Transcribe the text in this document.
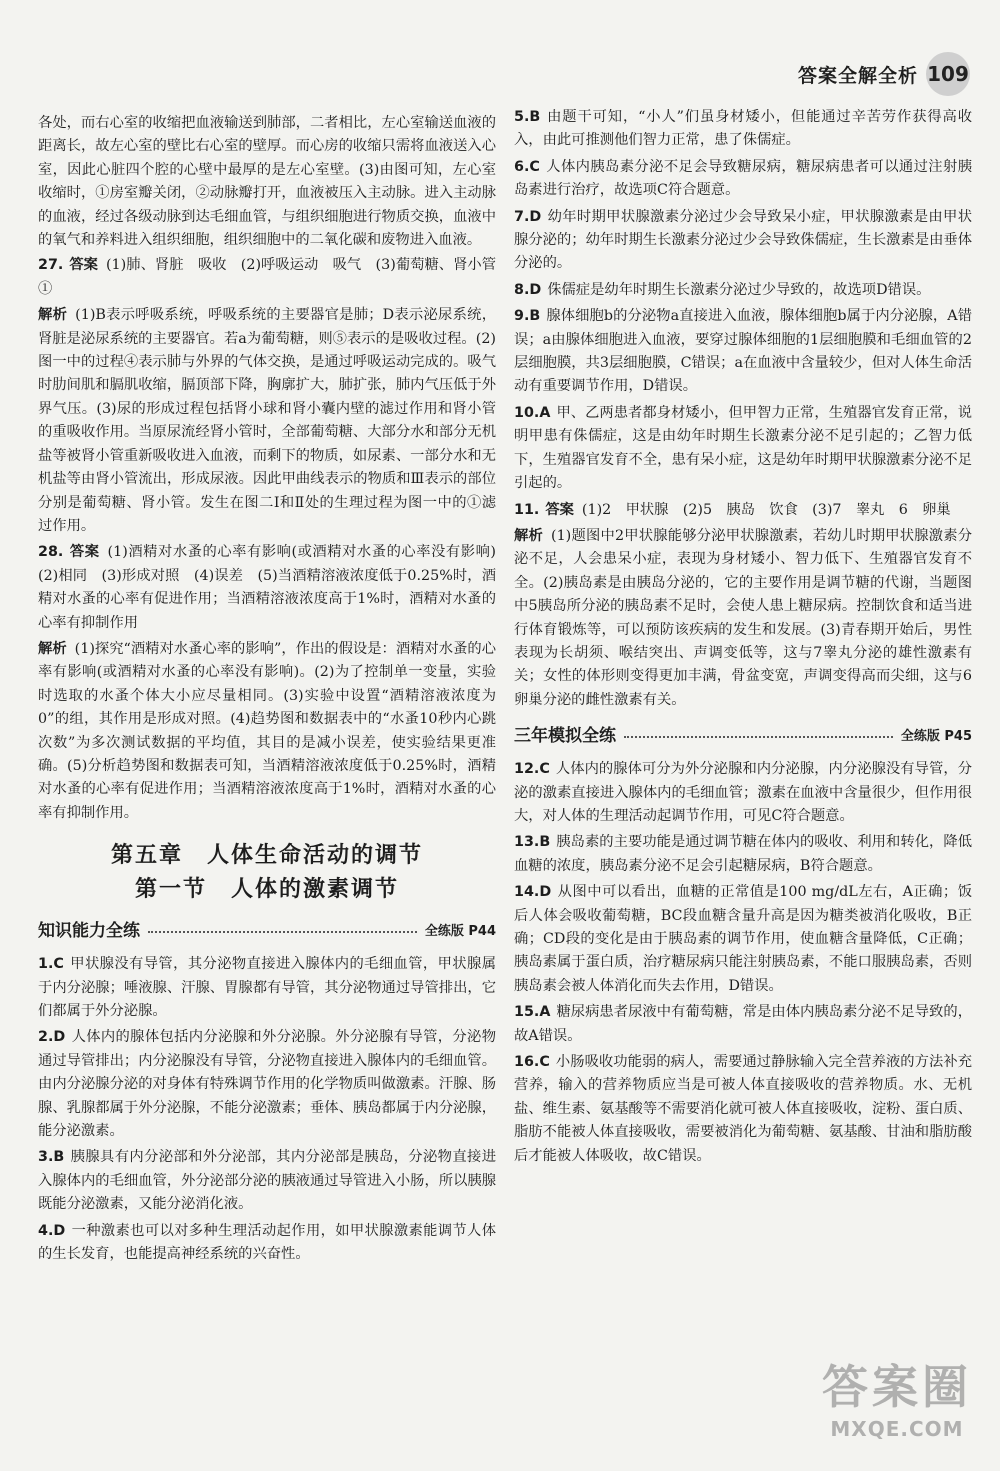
答案全解全析 109
各处，而右心室的收缩把血液输送到肺部，二者相比，左心室输送血液的距离长，故左心室的壁比右心室的壁厚。而心房的收缩只需将血液送入心室，因此心脏四个腔的心壁中最厚的是左心室壁。(3)由图可知，左心室收缩时，①房室瓣关闭，②动脉瓣打开，血液被压入主动脉。进入主动脉的血液，经过各级动脉到达毛细血管，与组织细胞进行物质交换，血液中的氧气和养料进入组织细胞，组织细胞中的二氧化碳和废物进入血液。
27. 答案 (1)肺、肾脏　吸收　(2)呼吸运动　吸气　(3)葡萄糖、肾小管　①
解析 (1)B表示呼吸系统，呼吸系统的主要器官是肺；D表示泌尿系统，肾脏是泌尿系统的主要器官。若a为葡萄糖，则⑤表示的是吸收过程。(2)图一中的过程④表示肺与外界的气体交换，是通过呼吸运动完成的。吸气时肋间肌和膈肌收缩，膈顶部下降，胸廓扩大，肺扩张，肺内气压低于外界气压。(3)尿的形成过程包括肾小球和肾小囊内壁的滤过作用和肾小管的重吸收作用。当原尿流经肾小管时，全部葡萄糖、大部分水和部分无机盐等被肾小管重新吸收进入血液，而剩下的物质，如尿素、一部分水和无机盐等由肾小管流出，形成尿液。因此甲曲线表示的物质和Ⅲ表示的部位分别是葡萄糖、肾小管。发生在图二Ⅰ和Ⅱ处的生理过程为图一中的①滤过作用。
28. 答案 (1)酒精对水蚤的心率有影响(或酒精对水蚤的心率没有影响)　(2)相同　(3)形成对照　(4)误差　(5)当酒精溶液浓度低于0.25%时，酒精对水蚤的心率有促进作用；当酒精溶液浓度高于1%时，酒精对水蚤的心率有抑制作用
解析 (1)探究“酒精对水蚤心率的影响”，作出的假设是：酒精对水蚤的心率有影响(或酒精对水蚤的心率没有影响)。(2)为了控制单一变量，实验时选取的水蚤个体大小应尽量相同。(3)实验中设置“酒精溶液浓度为0”的组，其作用是形成对照。(4)趋势图和数据表中的“水蚤10秒内心跳次数”为多次测试数据的平均值，其目的是减小误差，使实验结果更准确。(5)分析趋势图和数据表可知，当酒精溶液浓度低于0.25%时，酒精对水蚤的心率有促进作用；当酒精溶液浓度高于1%时，酒精对水蚤的心率有抑制作用。
第五章　人体生命活动的调节
第一节　人体的激素调节
知识能力全练	全练版 P44
1.C 甲状腺没有导管，其分泌物直接进入腺体内的毛细血管，甲状腺属于内分泌腺；唾液腺、汗腺、胃腺都有导管，其分泌物通过导管排出，它们都属于外分泌腺。
2.D 人体内的腺体包括内分泌腺和外分泌腺。外分泌腺有导管，分泌物通过导管排出；内分泌腺没有导管，分泌物直接进入腺体内的毛细血管。由内分泌腺分泌的对身体有特殊调节作用的化学物质叫做激素。汗腺、肠腺、乳腺都属于外分泌腺，不能分泌激素；垂体、胰岛都属于内分泌腺，能分泌激素。
3.B 胰腺具有内分泌部和外分泌部，其内分泌部是胰岛，分泌物直接进入腺体内的毛细血管，外分泌部分泌的胰液通过导管进入小肠，所以胰腺既能分泌激素，又能分泌消化液。
4.D 一种激素也可以对多种生理活动起作用，如甲状腺激素能调节人体的生长发育，也能提高神经系统的兴奋性。
5.B 由题干可知，“小人”们虽身材矮小，但能通过辛苦劳作获得高收入，由此可推测他们智力正常，患了侏儒症。
6.C 人体内胰岛素分泌不足会导致糖尿病，糖尿病患者可以通过注射胰岛素进行治疗，故选项C符合题意。
7.D 幼年时期甲状腺激素分泌过少会导致呆小症，甲状腺激素是由甲状腺分泌的；幼年时期生长激素分泌过少会导致侏儒症，生长激素是由垂体分泌的。
8.D 侏儒症是幼年时期生长激素分泌过少导致的，故选项D错误。
9.B 腺体细胞b的分泌物a直接进入血液，腺体细胞b属于内分泌腺，A错误；a由腺体细胞进入血液，要穿过腺体细胞的1层细胞膜和毛细血管的2层细胞膜，共3层细胞膜，C错误；a在血液中含量较少，但对人体生命活动有重要调节作用，D错误。
10.A 甲、乙两患者都身材矮小，但甲智力正常，生殖器官发育正常，说明甲患有侏儒症，这是由幼年时期生长激素分泌不足引起的；乙智力低下，生殖器官发育不全，患有呆小症，这是幼年时期甲状腺激素分泌不足引起的。
11. 答案 (1)2　甲状腺　(2)5　胰岛　饮食　(3)7　睾丸　6　卵巢
解析 (1)题图中2甲状腺能够分泌甲状腺激素，若幼儿时期甲状腺激素分泌不足，人会患呆小症，表现为身材矮小、智力低下、生殖器官发育不全。(2)胰岛素是由胰岛分泌的，它的主要作用是调节糖的代谢，当题图中5胰岛所分泌的胰岛素不足时，会使人患上糖尿病。控制饮食和适当进行体育锻炼等，可以预防该疾病的发生和发展。(3)青春期开始后，男性表现为长胡须、喉结突出、声调变低等，这与7睾丸分泌的雄性激素有关；女性的体形则变得更加丰满，骨盆变宽，声调变得高而尖细，这与6卵巢分泌的雌性激素有关。
三年模拟全练	全练版 P45
12.C 人体内的腺体可分为外分泌腺和内分泌腺，内分泌腺没有导管，分泌的激素直接进入腺体内的毛细血管；激素在血液中含量很少，但作用很大，对人体的生理活动起调节作用，可见C符合题意。
13.B 胰岛素的主要功能是通过调节糖在体内的吸收、利用和转化，降低血糖的浓度，胰岛素分泌不足会引起糖尿病，B符合题意。
14.D 从图中可以看出，血糖的正常值是100 mg/dL左右，A正确；饭后人体会吸收葡萄糖，BC段血糖含量升高是因为糖类被消化吸收，B正确；CD段的变化是由于胰岛素的调节作用，使血糖含量降低，C正确；胰岛素属于蛋白质，治疗糖尿病只能注射胰岛素，不能口服胰岛素，否则胰岛素会被人体消化而失去作用，D错误。
15.A 糖尿病患者尿液中有葡萄糖，常是由体内胰岛素分泌不足导致的，故A错误。
16.C 小肠吸收功能弱的病人，需要通过静脉输入完全营养液的方法补充营养，输入的营养物质应当是可被人体直接吸收的营养物质。水、无机盐、维生素、氨基酸等不需要消化就可被人体直接吸收，淀粉、蛋白质、脂肪不能被人体直接吸收，需要被消化为葡萄糖、氨基酸、甘油和脂肪酸后才能被人体吸收，故C错误。
答案圈
MXQE.COM
